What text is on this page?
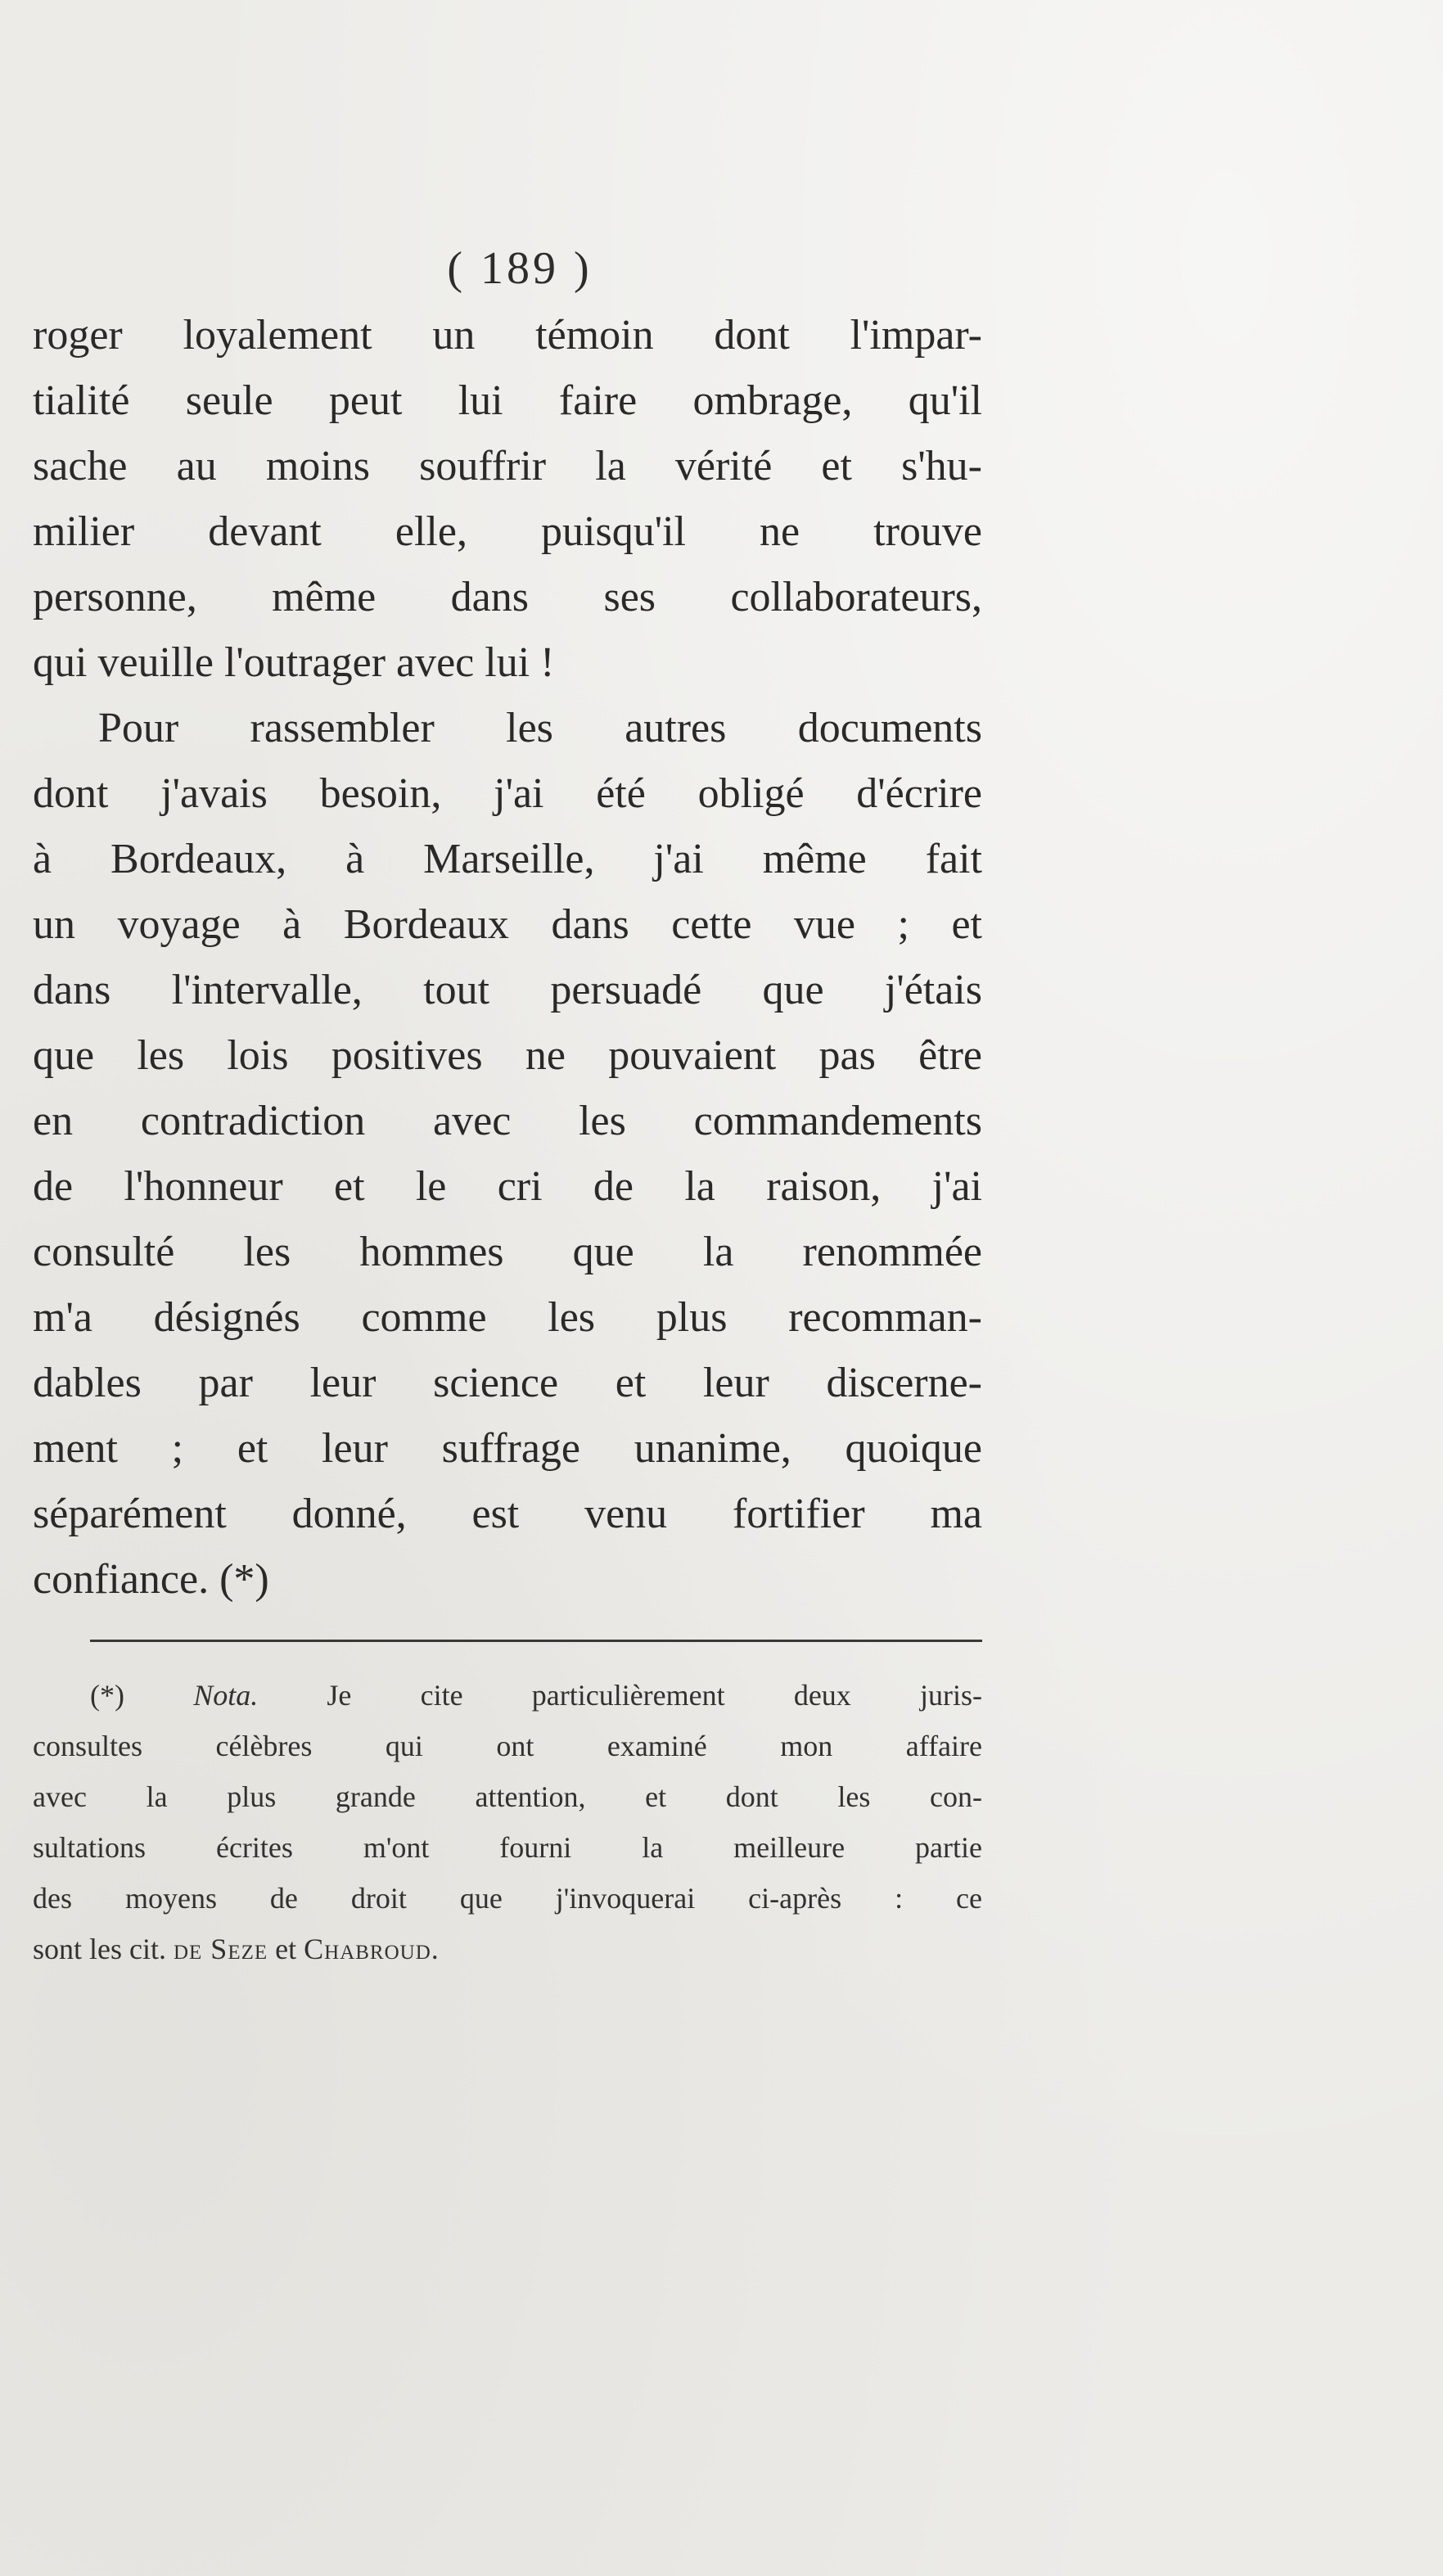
( 189 )
roger loyalement un témoin dont l'impar-
tialité seule peut lui faire ombrage, qu'il
sache au moins souffrir la vérité et s'hu-
milier devant elle, puisqu'il ne trouve
personne, même dans ses collaborateurs,
qui veuille l'outrager avec lui !
Pour rassembler les autres documents
dont j'avais besoin, j'ai été obligé d'écrire
à Bordeaux, à Marseille, j'ai même fait
un voyage à Bordeaux dans cette vue ; et
dans l'intervalle, tout persuadé que j'étais
que les lois positives ne pouvaient pas être
en contradiction avec les commandements
de l'honneur et le cri de la raison, j'ai
consulté les hommes que la renommée
m'a désignés comme les plus recomman-
dables par leur science et leur discerne-
ment ; et leur suffrage unanime, quoique
séparément donné, est venu fortifier ma
confiance. (*)
(*) Nota. Je cite particulièrement deux juris-
consultes célèbres qui ont examiné mon affaire
avec la plus grande attention, et dont les con-
sultations écrites m'ont fourni la meilleure partie
des moyens de droit que j'invoquerai ci-après : ce
sont les cit. de Seze et Chabroud.
